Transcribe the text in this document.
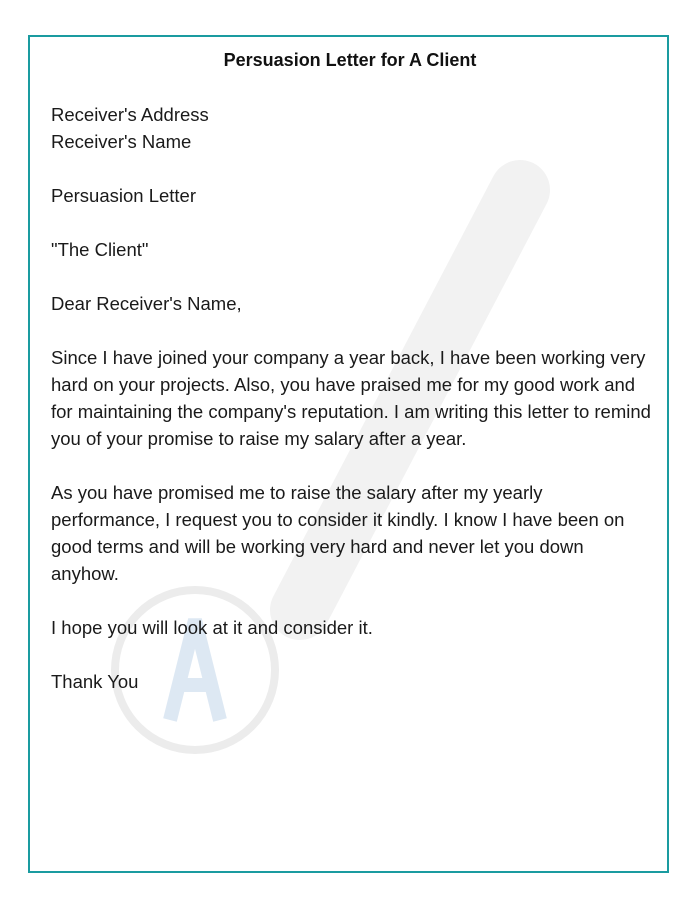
Persuasion Letter for A Client

Receiver's Address
Receiver's Name

Persuasion Letter

"The Client"

Dear Receiver's Name,

Since I have joined your company a year back, I have been working very hard on your projects. Also, you have praised me for my good work and for maintaining the company's reputation. I am writing this letter to remind you of your promise to raise my salary after a year.

As you have promised me to raise the salary after my yearly performance, I request you to consider it kindly. I know I have been on good terms and will be working very hard and never let you down anyhow.

I hope you will look at it and consider it.

Thank You
